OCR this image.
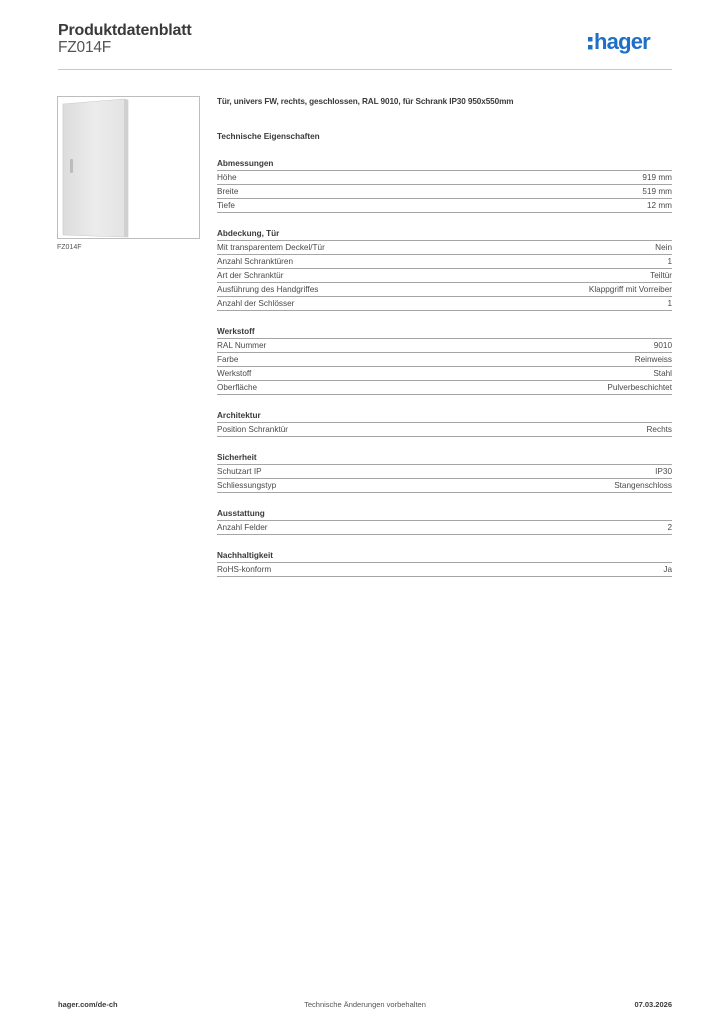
Produktdatenblatt
FZ014F	hager
FZ014F
Tür, univers FW, rechts, geschlossen, RAL 9010, für Schrank IP30 950x550mm
Technische Eigenschaften
Abmessungen
Höhe	919 mm
Breite	519 mm
Tiefe	12 mm
Abdeckung, Tür
Mit transparentem Deckel/Tür	Nein
Anzahl Schranktüren	1
Art der Schranktür	Teiltür
Ausführung des Handgriffes	Klappgriff mit Vorreiber
Anzahl der Schlösser	1
Werkstoff
RAL Nummer	9010
Farbe	Reinweiss
Werkstoff	Stahl
Oberfläche	Pulverbeschichtet
Architektur
Position Schranktür	Rechts
Sicherheit
Schutzart IP	IP30
Schliessungstyp	Stangenschloss
Ausstattung
Anzahl Felder	2
Nachhaltigkeit
RoHS-konform	Ja
hager.com/de-ch	Technische Änderungen vorbehalten	07.03.2026
